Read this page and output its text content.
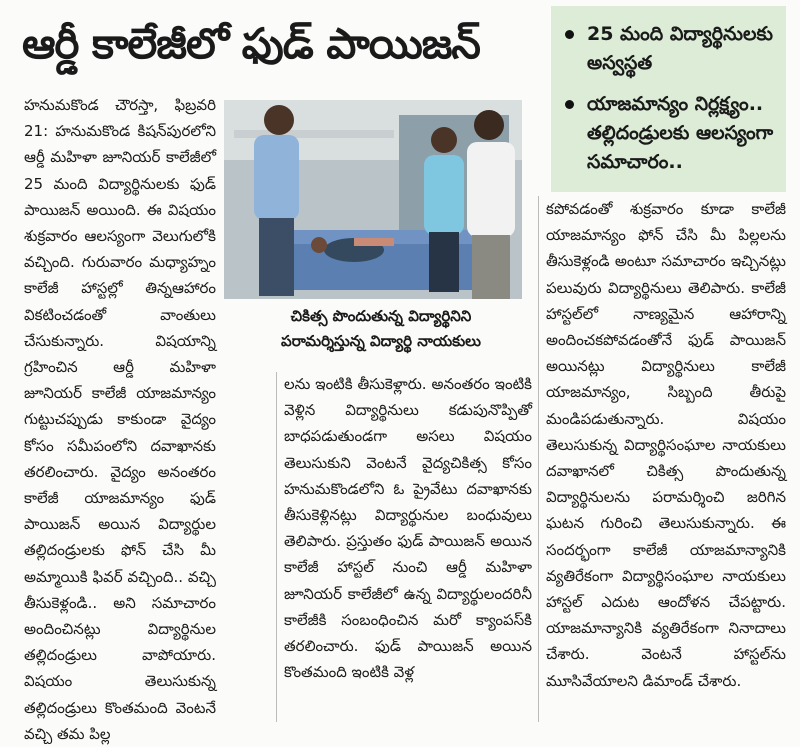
ఆర్డీ కాలేజీలో ఫుడ్ పాయిజన్	25 మంది విద్యార్థినులకు అస్వస్థత
యాజమాన్యం నిర్లక్ష్యం.. తల్లిదండ్రులకు ఆలస్యంగా సమాచారం..

హనుమకొండ చౌరస్తా, ఫిబ్రవరి 21: హనుమకొండ కిషన్‌పురలోని ఆర్డీ మహిళా జూనియర్ కాలేజీలో 25 మంది విద్యార్థినులకు ఫుడ్ పాయిజన్ అయింది. ఈ విషయం శుక్రవారం ఆలస్యంగా వెలుగులోకి వచ్చింది. గురువారం మధ్యాహ్నం కాలేజీ హాస్టల్లో తిన్నఆహారం వికటించడంతో వాంతులు చేసుకున్నారు. విషయాన్ని గ్రహించిన ఆర్డీ మహిళా జూనియర్ కాలేజీ యాజమాన్యం గుట్టుచప్పుడు కాకుండా వైద్యం కోసం సమీపంలోని దవాఖానకు తరలించారు. వైద్యం అనంతరం కాలేజీ యాజమాన్యం ఫుడ్ పాయిజన్ అయిన విద్యార్థుల తల్లిదండ్రులకు ఫోన్ చేసి మీ అమ్మాయికి ఫివర్ వచ్చింది.. వచ్చి తీసుకెళ్లండి.. అని సమాచారం అందించినట్లు విద్యార్థినుల తల్లిదండ్రులు వాపోయారు. విషయం తెలుసుకున్న తల్లిదండ్రులు కొంతమంది వెంటనే వచ్చి తమ పిల్ల

చికిత్స పొందుతున్న విద్యార్థినిని పరామర్శిస్తున్న విద్యార్థి నాయకులు

లను ఇంటికి తీసుకెళ్లారు. అనంతరం ఇంటికి వెళ్లిన విద్యార్థినులు కడుపునొప్పితో బాధపడుతుండగా అసలు విషయం తెలుసుకుని వెంటనే వైద్యచికిత్స కోసం హనుమకొండలోని ఓ ప్రైవేటు దవాఖానకు తీసుకెళ్లినట్లు విద్యార్థునుల బంధువులు తెలిపారు. ప్రస్తుతం ఫుడ్ పాయిజన్ అయిన కాలేజీ హాస్టల్ నుంచి ఆర్డీ మహిళా జూనియర్ కాలేజీలో ఉన్న విద్యార్థులందరినీ కాలేజీకి సంబంధించిన మరో క్యాంపస్‌కి తరలించారు. ఫుడ్ పాయిజన్ అయిన కొంతమంది ఇంటికి వెళ్ల

కపోవడంతో శుక్రవారం కూడా కాలేజీ యాజమాన్యం ఫోన్ చేసి మీ పిల్లలను తీసుకెళ్లండి అంటూ సమాచారం ఇచ్చినట్లు పలువురు విద్యార్థినులు తెలిపారు. కాలేజీ హాస్టల్‌లో నాణ్యమైన ఆహారాన్ని అందించకపోవడంతోనే ఫుడ్ పాయిజన్ అయినట్లు విద్యార్థినులు కాలేజీ యాజమాన్యం, సిబ్బంది తీరుపై మండిపడుతున్నారు. విషయం తెలుసుకున్న విద్యార్థిసంఘాల నాయకులు దవాఖానలో చికిత్స పొందుతున్న విద్యార్థినులను పరామర్శించి జరిగిన ఘటన గురించి తెలుసుకున్నారు. ఈ సందర్భంగా కాలేజీ యాజమాన్యానికి వ్యతిరేకంగా విద్యార్థిసంఘాల నాయకులు హాస్టల్ ఎదుట ఆందోళన చేపట్టారు. యాజమాన్యానికి వ్యతిరేకంగా నినాదాలు చేశారు. వెంటనే హాస్టల్‌ను మూసివేయాలని డిమాండ్ చేశారు.
